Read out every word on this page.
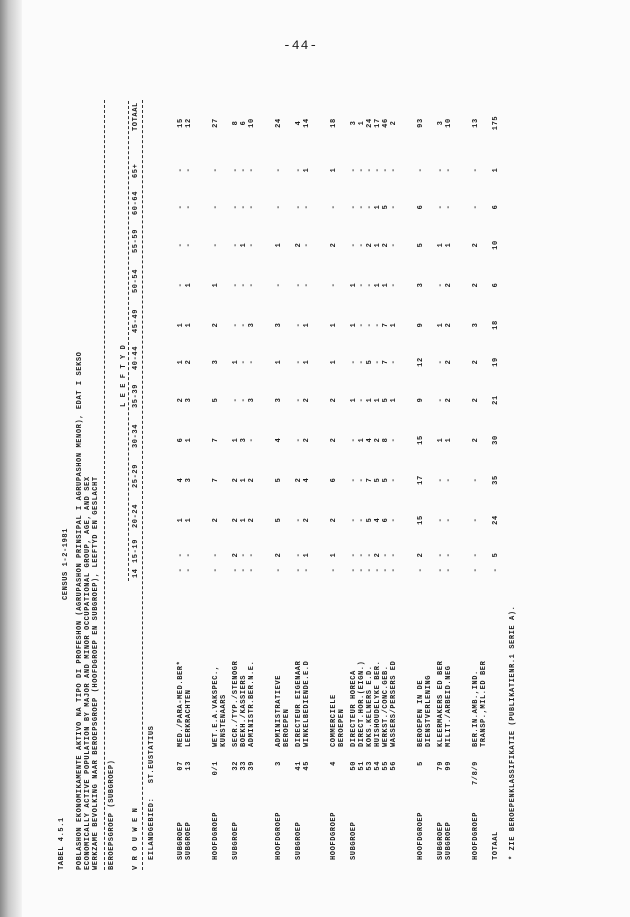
-44-
TABEL 4.5.1
CENSUS 1-2-1981 POBLASHON EKONOMIKAMENTE AKTIVO NA TIPO DI PROFESHON (AGRUPASHON PRINSIPAL I AGRUPASHON MENOR), EDAT I SEKSO ECONOMICALLY ACTIVE POPULATION BY MAJOR AND MINOR OCCUPATIONAL GROUP, AGE, AND SEX WERKZAME BEVOLKING NAAR BEROEPSGROEP (HOOFDGROEP EN SUBGROEP), LEEFTYD EN GESLACHT BEROEPSGROEP (SUBGROEP)
L E E F T Y D
V R O U W E N
14
15-19
20-24
25-29
30-34
35-39
40-44
45-49
50-54
55-59
60-64
65+
TOTAAL
EILANDGEBIED:   ST.EUSTATIUS	SUBGROEP
07
MED./PARA-MED.BER*
-
-
1
4
6
2
1
1
-
-
-
-
15
SUBGROEP
13
LEERKRACHTEN
-
-
1
3
1
3
2
1
1
-
-
-
12
HOOFDGROEP
0/1
WET.E.A.VAKSPEC.,
-
-
2
7
7
5
3
2
1
-
-
-
27
KUNSTENAARS
SUBGROEP
32
SECR./TYP./STENOGR
-
2
2
2
1
-
1
-
-
-
-
-
8
33
BOEKH./KASSIERS
-
-
1
1
3
-
-
-
-
1
-
-
6
39
ADMINISTR.BER.N.E.
-
-
2
2
-
3
-
3
-
-
-
-
10
HOOFDGROEP
3
ADMINISTRATIEVE
-
2
5
5
4
3
1
3
-
1
-
-
24
BEROEPEN
SUBGROEP
41
DIRECTEUR EIGENAAR
-
-
-
2
-
-
-
-
-
2
-
-
4
45
WINKELBEDIENDE.E.D
-
1
2
4
2
2
1
1
-
-
-
1
14
HOOFDGROEP
4
COMMERCIELE
-
1
2
6
2
2
1
1
-
2
-
1
18
BEROEPEN
SUBGROEP
50
DIRECTEUR HORECA
-
-
-
-
-
1
-
1
1
-
-
-
3
51
DIRECT.HOR.(EIGN.)
-
-
-
-
1
-
-
-
-
-
-
-
1
53
KOKS.KELNERS E.D.
-
-
5
7
4
1
5
-
-
2
-
-
24
54
HUISHOUDELYKE BER.
-
2
4
5
2
1
-
-
1
1
1
-
17
55
WERKST./CONC.GEB.
-
-
6
5
8
5
7
7
1
2
5
-
46
56
WASSERS/PERSERS ED
-
-
-
-
-
1
-
1
-
-
-
-
2
HOOFDGROEP
5
BEROEPEN IN DE
-
2
15
17
15
9
12
9
3
5
6
-
93
DIENSTVERLENING
SUBGROEP
79
KLEERMAKERS ED BER
-
-
-
-
1
-
-
1
-
1
-
-
3
SUBGROEP
99
MILIT./ARBEID.NEG
-
-
-
-
1
2
2
2
2
1
-
-
10
HOOFDGROEP
7/8/9
BER.IN.AMB.,IND.
-
-
-
-
2
2
2
3
2
2
-
-
13
TRANSP.,MIL.ED BER
TOTAAL
-
5
24
35
30
21
19
18
6
10
6
1
175
* ZIE BEROEPENKLASSIFIKATIE (PUBLIKATIENR.1 SERIE A).
